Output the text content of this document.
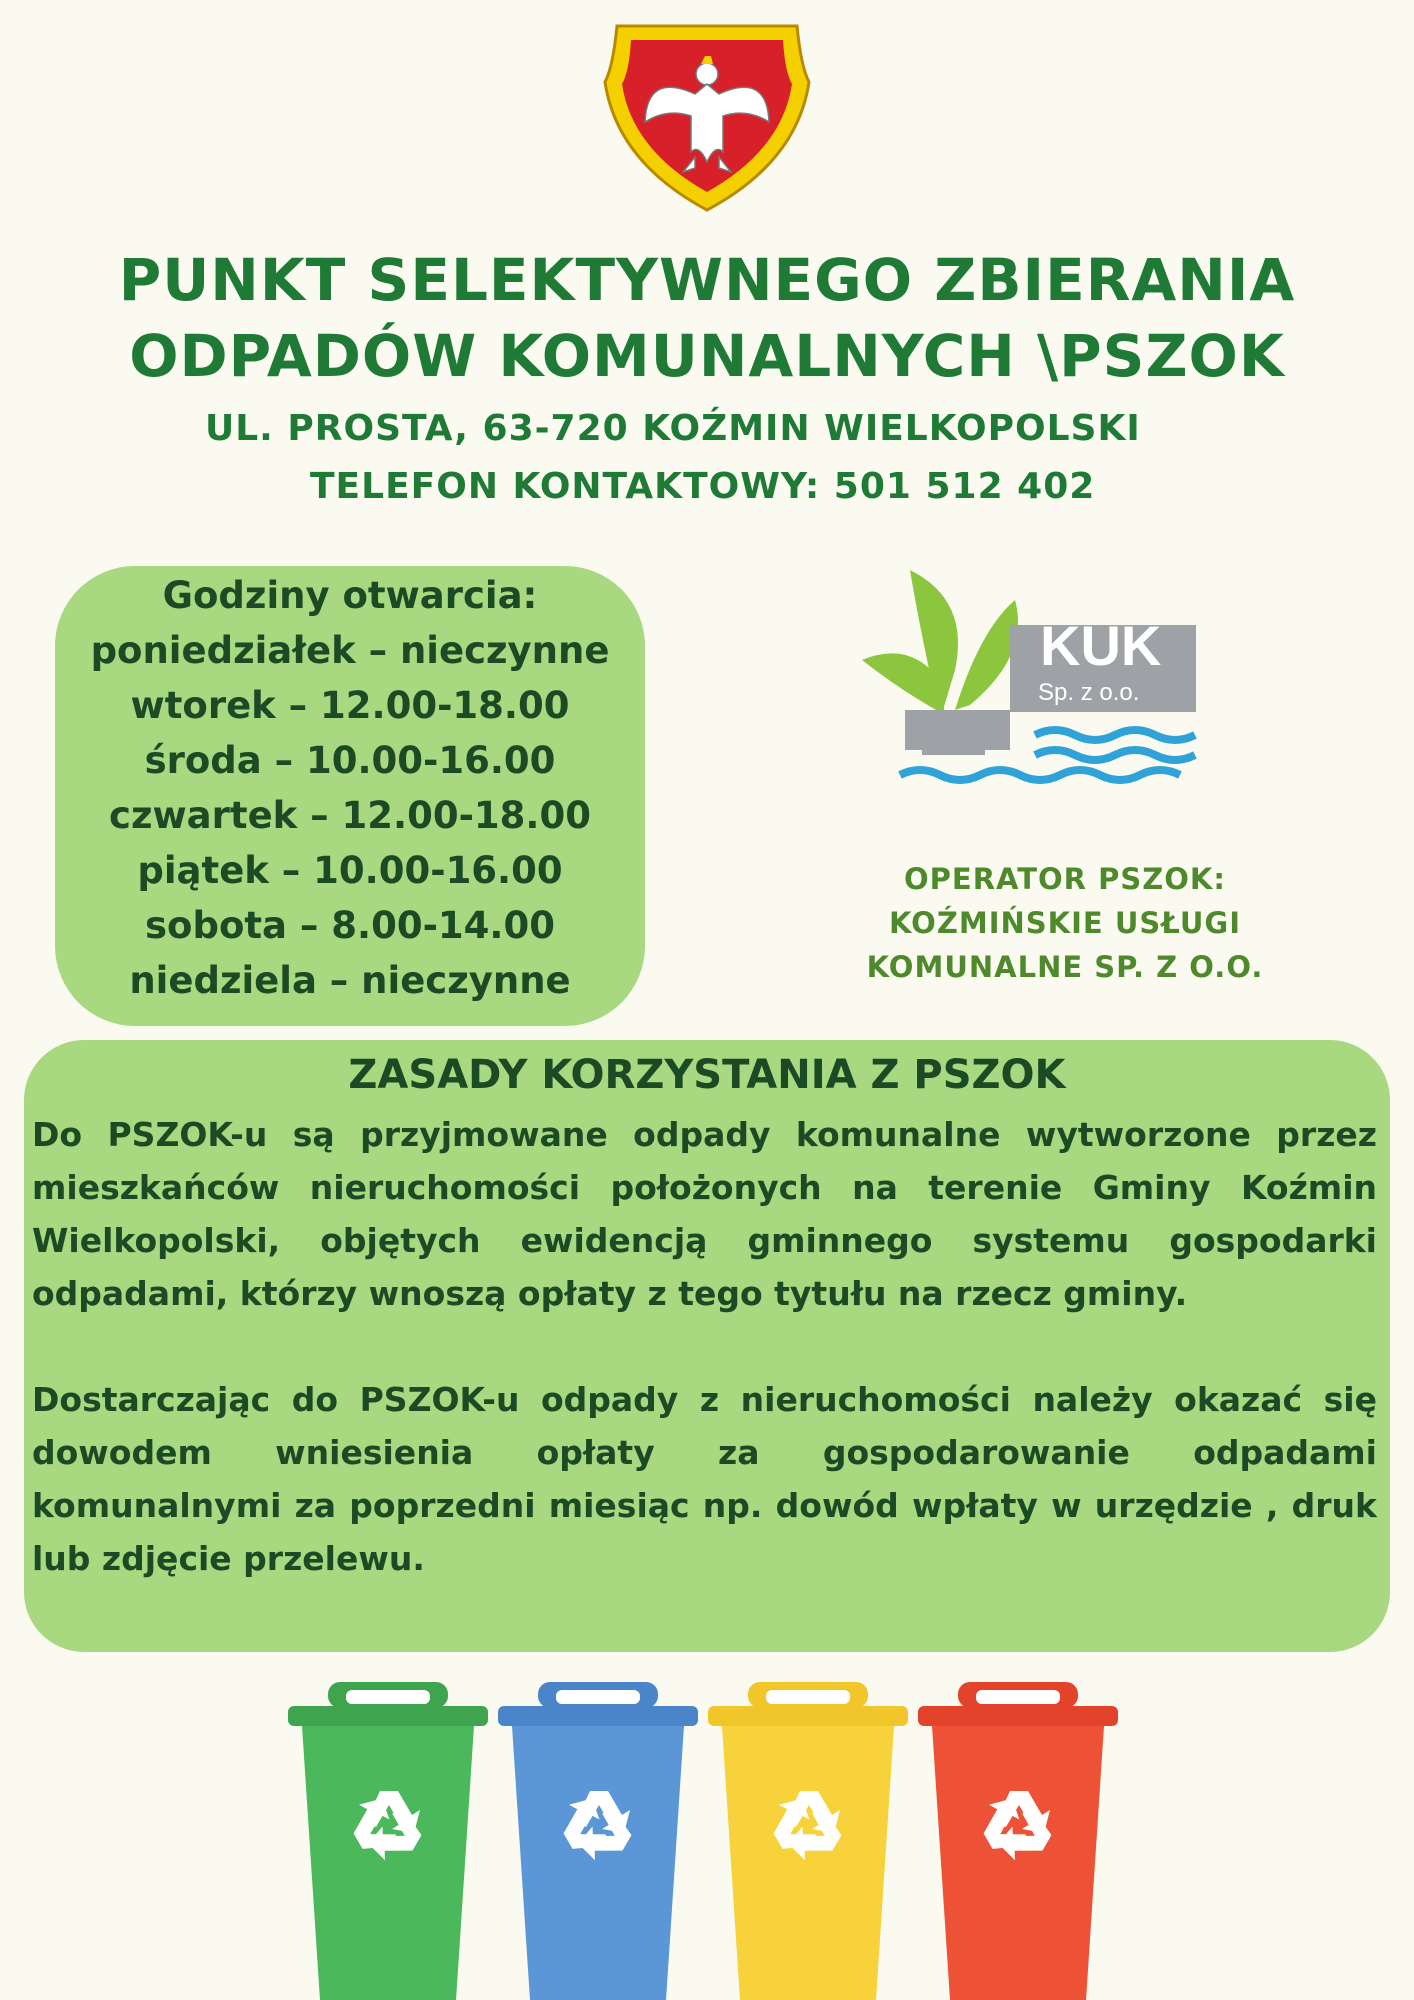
PUNKT SELEKTYWNEGO ZBIERANIA
ODPADÓW KOMUNALNYCH \PSZOK
UL. PROSTA, 63-720 KOŹMIN WIELKOPOLSKI
TELEFON KONTAKTOWY: 501 512 402
Godziny otwarcia:
poniedziałek – nieczynne
wtorek – 12.00-18.00
środa – 10.00-16.00
czwartek – 12.00-18.00
piątek – 10.00-16.00
sobota – 8.00-14.00
niedziela – nieczynne
KUK
Sp. z o.o.
OPERATOR PSZOK:
KOŹMIŃSKIE USŁUGI
KOMUNALNE SP. Z O.O.
ZASADY KORZYSTANIA Z PSZOK

Do PSZOK-u są przyjmowane odpady komunalne wytworzone przez mieszkańców nieruchomości położonych na terenie Gminy Koźmin Wielkopolski, objętych ewidencją gminnego systemu gospodarki odpadami, którzy wnoszą opłaty z tego tytułu na rzecz gminy.

Dostarczając do PSZOK-u odpady z nieruchomości należy okazać się dowodem wniesienia opłaty za gospodarowanie odpadami komunalnymi za poprzedni miesiąc np. dowód wpłaty w urzędzie , druk lub zdjęcie przelewu.
